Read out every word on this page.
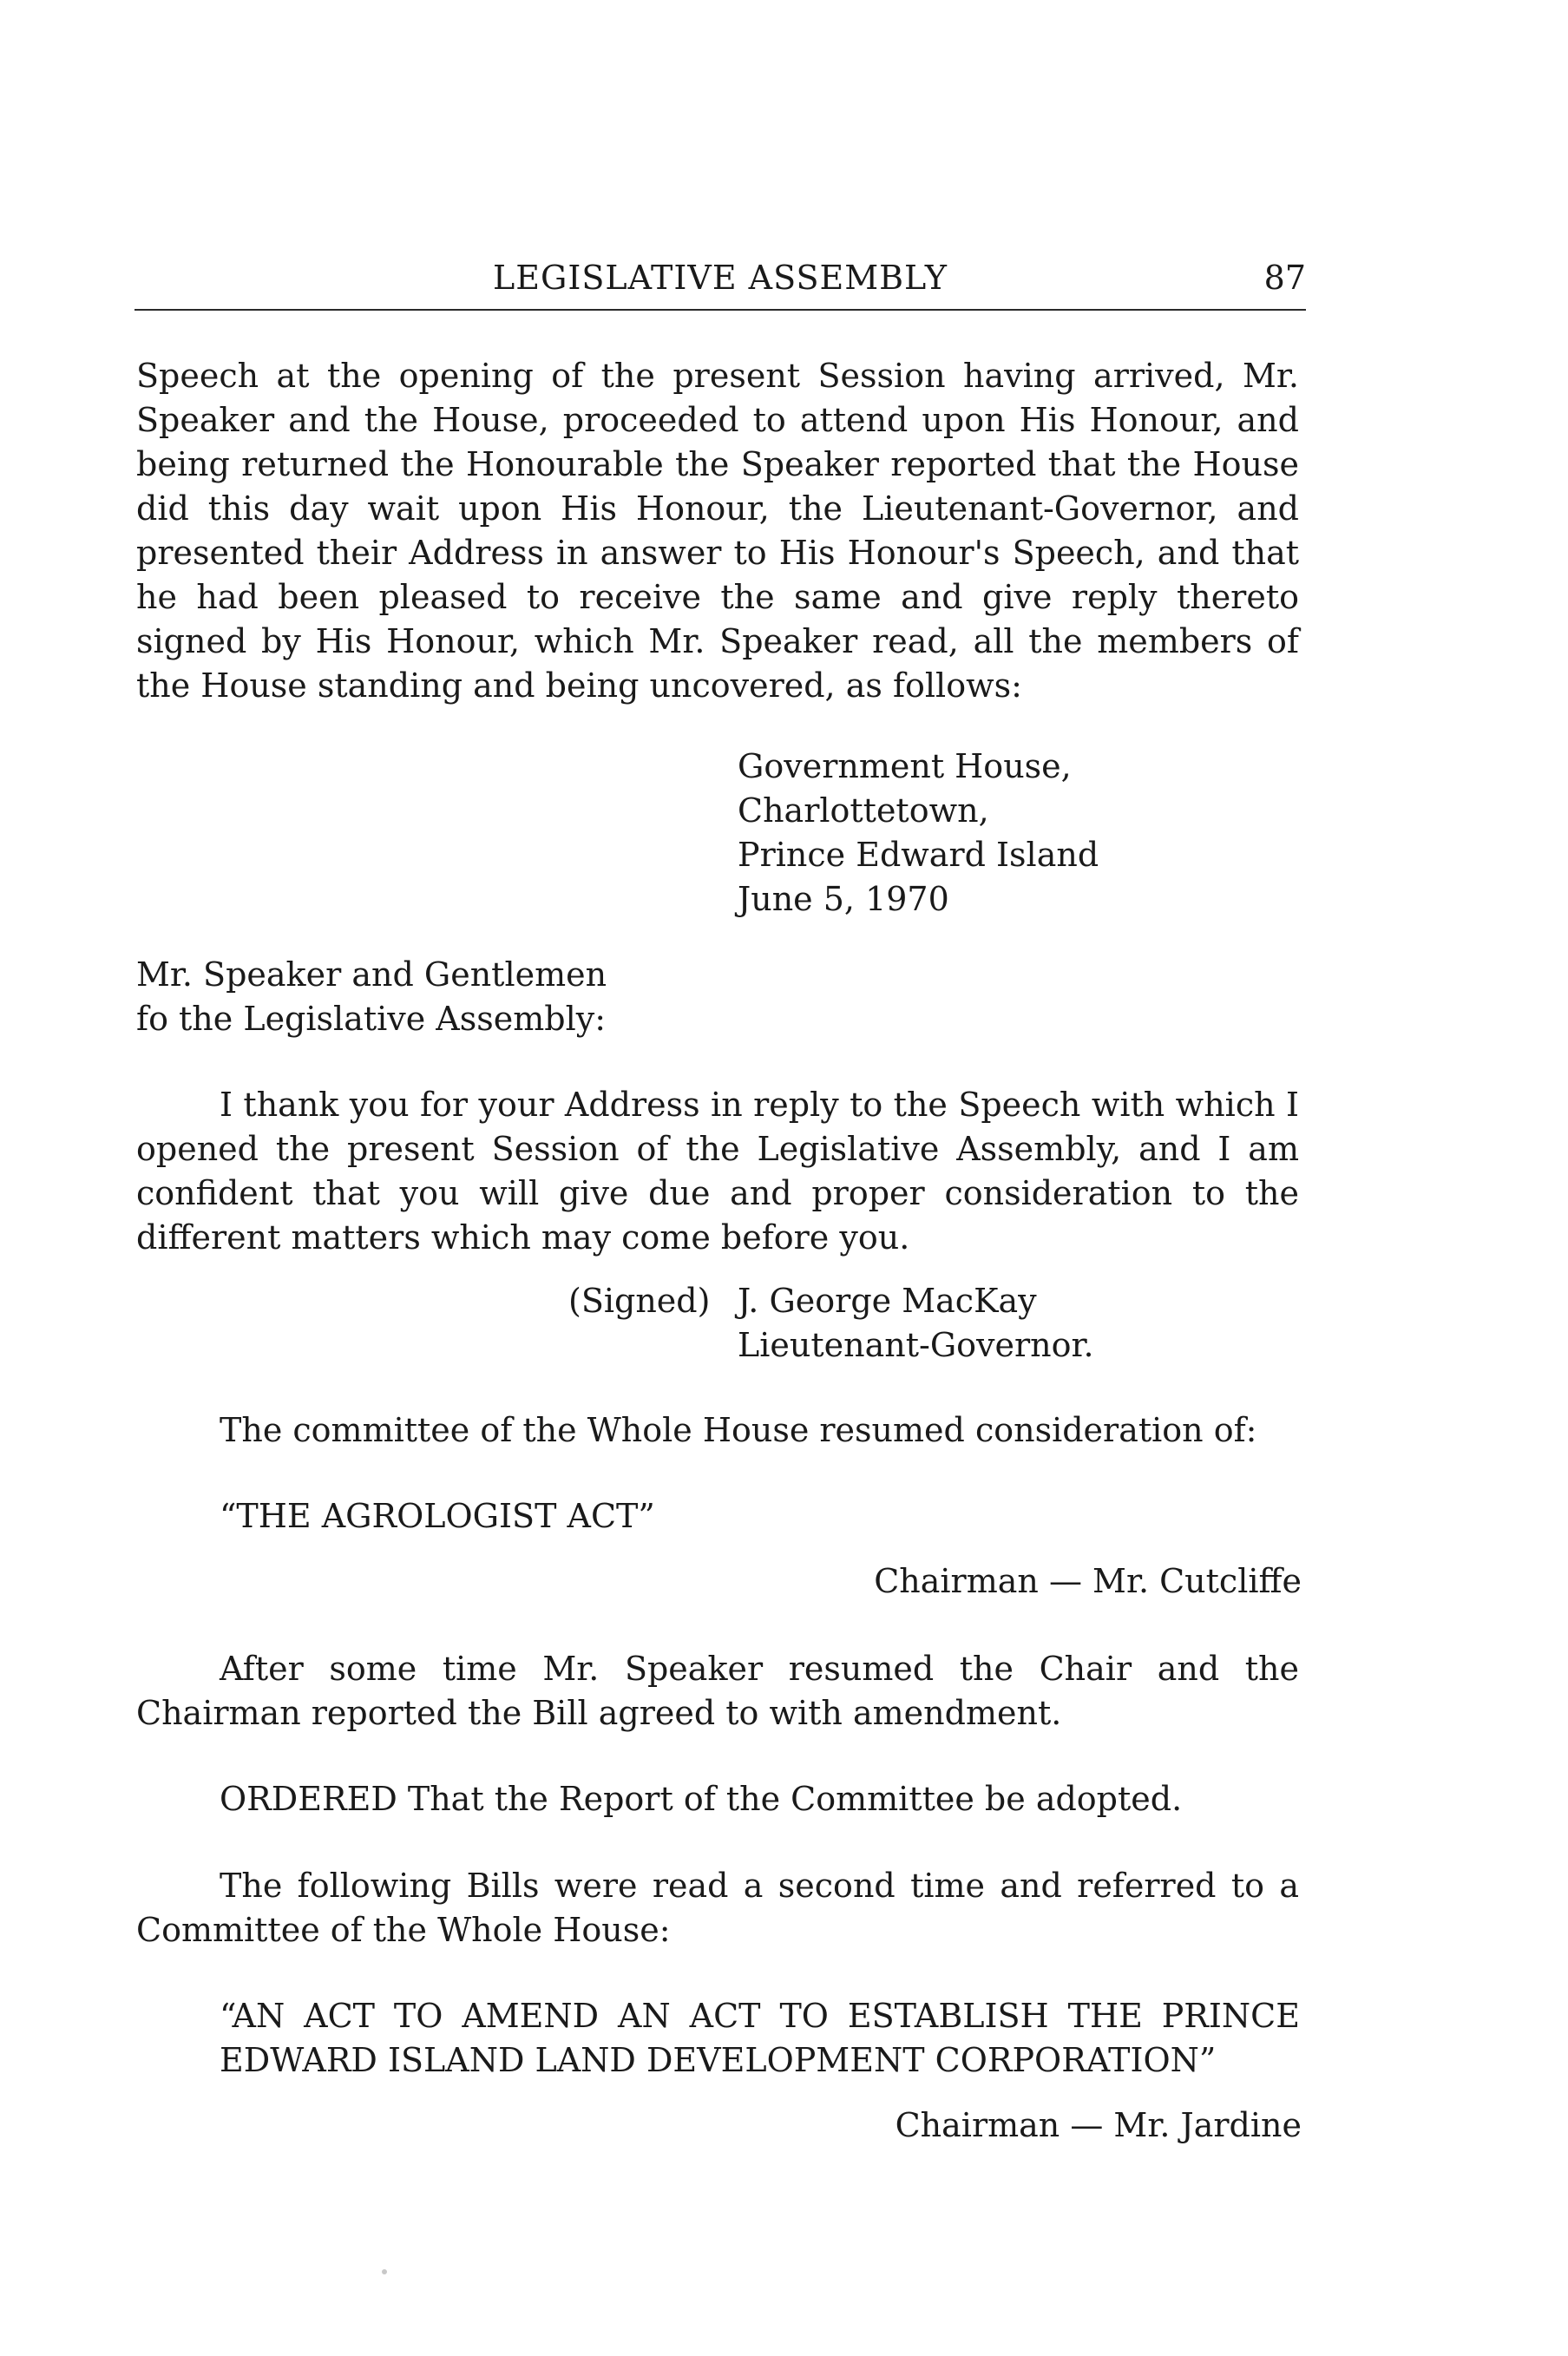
LEGISLATIVE ASSEMBLY	87

Speech at the opening of the present Session having arrived, Mr. Speaker and the House, proceeded to attend upon His Honour, and being returned the Honourable the Speaker reported that the House did this day wait upon His Honour, the Lieutenant-Governor, and presented their Address in answer to His Honour's Speech, and that he had been pleased to receive the same and give reply thereto signed by His Honour, which Mr. Speaker read, all the members of the House standing and being uncovered, as follows:

Government House,
Charlottetown,
Prince Edward Island
June 5, 1970
Mr. Speaker and Gentlemen
fo the Legislative Assembly:

I thank you for your Address in reply to the Speech with which I opened the present Session of the Legislative Assembly, and I am confident that you will give due and proper consideration to the different matters which may come before you.

(Signed) J. George MacKay
Lieutenant-Governor.

The committee of the Whole House resumed consideration of:

“THE AGROLOGIST ACT”

Chairman — Mr. Cutcliffe

After some time Mr. Speaker resumed the Chair and the Chairman reported the Bill agreed to with amendment.

ORDERED That the Report of the Committee be adopted.

The following Bills were read a second time and referred to a Committee of the Whole House:

“AN ACT TO AMEND AN ACT TO ESTABLISH THE PRINCE EDWARD ISLAND LAND DEVELOPMENT CORPORATION”

Chairman — Mr. Jardine
